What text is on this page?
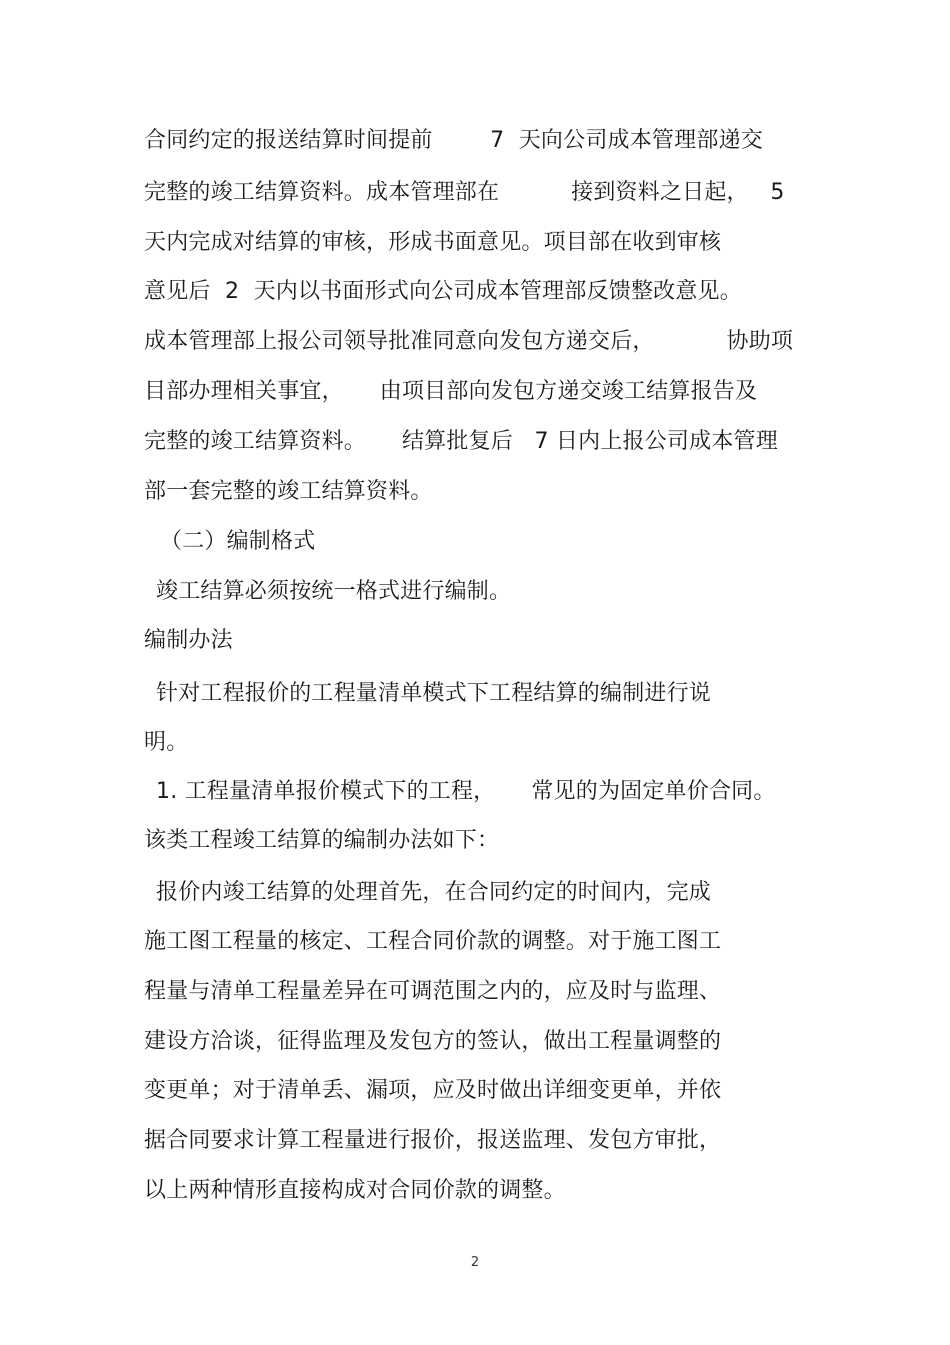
合同约定的报送结算时间提前        7  天向公司成本管理部递交
完整的竣工结算资料。成本管理部在          接到资料之日起，   5
天内完成对结算的审核，形成书面意见。项目部在收到审核
意见后  2  天内以书面形式向公司成本管理部反馈整改意见。
成本管理部上报公司领导批准同意向发包方递交后，          协助项
目部办理相关事宜，     由项目部向发包方递交竣工结算报告及
完整的竣工结算资料。     结算批复后   7 日内上报公司成本管理
部一套完整的竣工结算资料。
（二）编制格式
竣工结算必须按统一格式进行编制。
编制办法
针对工程报价的工程量清单模式下工程结算的编制进行说
明。
1. 工程量清单报价模式下的工程，     常见的为固定单价合同。
该类工程竣工结算的编制办法如下：
报价内竣工结算的处理首先，在合同约定的时间内，完成
施工图工程量的核定、工程合同价款的调整。对于施工图工
程量与清单工程量差异在可调范围之内的，应及时与监理、
建设方洽谈，征得监理及发包方的签认，做出工程量调整的
变更单；对于清单丢、漏项，应及时做出详细变更单，并依
据合同要求计算工程量进行报价，报送监理、发包方审批，
以上两种情形直接构成对合同价款的调整。
2
